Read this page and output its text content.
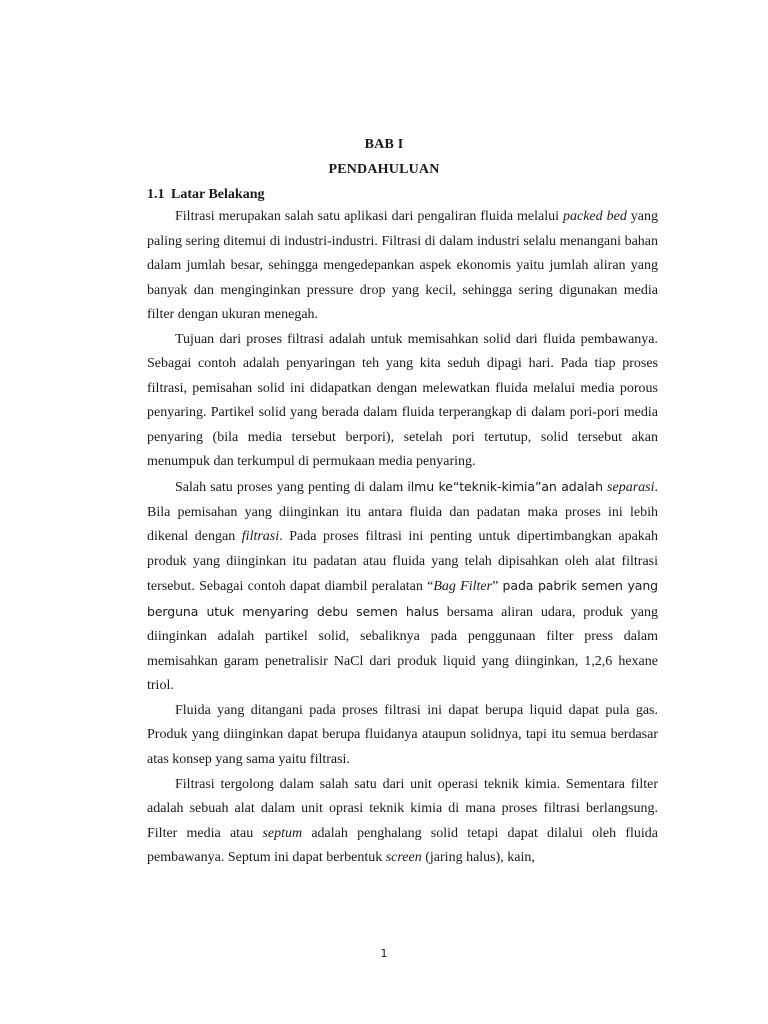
BAB I
PENDAHULUAN
1.1 Latar Belakang

Filtrasi merupakan salah satu aplikasi dari pengaliran fluida melalui packed bed yang paling sering ditemui di industri-industri. Filtrasi di dalam industri selalu menangani bahan dalam jumlah besar, sehingga mengedepankan aspek ekonomis yaitu jumlah aliran yang banyak dan menginginkan pressure drop yang kecil, sehingga sering digunakan media filter dengan ukuran menegah.

Tujuan dari proses filtrasi adalah untuk memisahkan solid dari fluida pembawanya. Sebagai contoh adalah penyaringan teh yang kita seduh dipagi hari. Pada tiap proses filtrasi, pemisahan solid ini didapatkan dengan melewatkan fluida melalui media porous penyaring. Partikel solid yang berada dalam fluida terperangkap di dalam pori-pori media penyaring (bila media tersebut berpori), setelah pori tertutup, solid tersebut akan menumpuk dan terkumpul di permukaan media penyaring.

Salah satu proses yang penting di dalam ilmu ke“teknik-kimia”an adalah separasi. Bila pemisahan yang diinginkan itu antara fluida dan padatan maka proses ini lebih dikenal dengan filtrasi. Pada proses filtrasi ini penting untuk dipertimbangkan apakah produk yang diinginkan itu padatan atau fluida yang telah dipisahkan oleh alat filtrasi tersebut. Sebagai contoh dapat diambil peralatan “Bag Filter” pada pabrik semen yang berguna utuk menyaring debu semen halus bersama aliran udara, produk yang diinginkan adalah partikel solid, sebaliknya pada penggunaan filter press dalam memisahkan garam penetralisir NaCl dari produk liquid yang diinginkan, 1,2,6 hexane triol.

Fluida yang ditangani pada proses filtrasi ini dapat berupa liquid dapat pula gas. Produk yang diinginkan dapat berupa fluidanya ataupun solidnya, tapi itu semua berdasar atas konsep yang sama yaitu filtrasi.

Filtrasi tergolong dalam salah satu dari unit operasi teknik kimia. Sementara filter adalah sebuah alat dalam unit oprasi teknik kimia di mana proses filtrasi berlangsung. Filter media atau septum adalah penghalang solid tetapi dapat dilalui oleh fluida pembawanya. Septum ini dapat berbentuk screen (jaring halus), kain,

1
